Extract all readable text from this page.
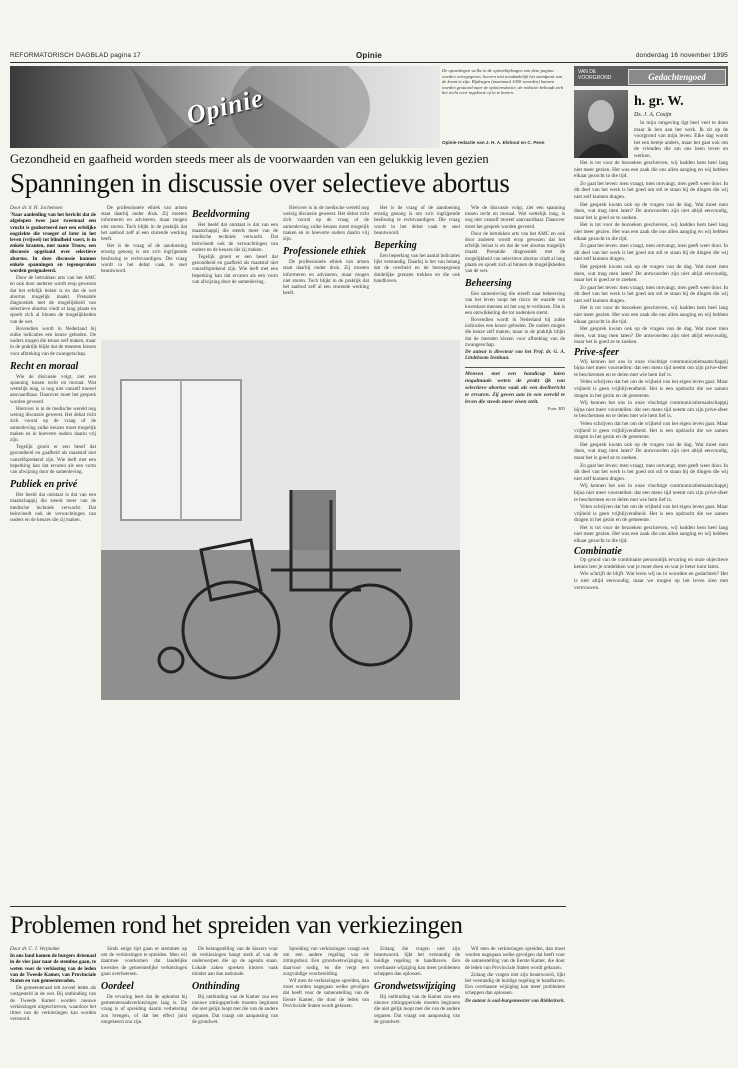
REFORMATORISCH DAGBLAD pagina 17	Opinie	donderdag 16 november 1995
Opinie
De opvattingen welke in de opiniebijdragen van deze pagina worden weergegeven, hoeven niet noodzakelijk het standpunt van de krant te zijn. Bijdragen (maximaal 1000 woorden) kunnen worden gestuurd naar de opinieredactie; de redactie behoudt zich het recht voor ingekorte of in te korten.
Opinie-redactie van J. H. A. Elshout en C. Peon
Gezondheid en gaafheid worden steeds meer als de voorwaarden van een gelukkig leven gezien
Spanningen in discussie over selectieve abortus

Door dr. ir. H. Jochemsen

'Naar aanleiding van het bericht dat de afgelopen twee jaar tweemaal een vrucht is geaborteerd met een erfelijke oogziekte die vroeger of later in het leven (vrijwel) tot blindheid voert, is in enkele kranten, met name Trouw, een discussie opgelaaid over selectieve abortus. In deze discussie kunnen enkele spanningen en tegenspraken worden gesignaleerd.

Door de betrokken arts van het AMC en ook door anderen wordt erop gewezen dat het erfelijk belast is en dat de wet abortus mogelijk maakt. Prenatale diagnostiek met de mogelijkheid van selectieve abortus vindt al lang plaats en spoelt zich al binnen de mogelijkheden van de wet.

Bovendien wordt in Nederland bij zulke indicaties een keuze geboden. De ouders mogen die keuze zelf maken, maar in de praktijk blijkt dat de meesten kiezen voor afbreking van de zwangerschap.

Recht en moraal

Wie de discussie volgt, ziet een spanning tussen recht en moraal. Wat wettelijk mag, is nog niet vanzelf moreel aanvaardbaar. Daarover moet het gesprek worden gevoerd.

Hierover is in de medische wereld nog weinig discussie geweest. Het debat richt zich vooral op de vraag of de samenleving zulke keuzes moet mogelijk maken en in hoeverre ouders daarin vrij zijn.

Tegelijk groeit er een besef dat gezondheid en gaafheid als maatstaf niet vanzelfsprekend zijn. Wie leeft met een beperking kan dat ervaren als een vorm van afwijzing door de samenleving.

Publiek en privé

Het beeld dat ontstaat is dat van een maatschappij die steeds meer van de medische techniek verwacht. Dat beïnvloedt ook de verwachtingen van ouders en de keuzes die zij maken.

De professionele ethiek van artsen staat daarbij onder druk. Zij moeten informeren en adviseren, maar mogen niet sturen. Toch blijkt in de praktijk dat het aanbod zelf al een sturende werking heeft.

Het is de vraag of de aandoening ernstig genoeg is om zo'n ingrijpende beslissing te rechtvaardigen. Die vraag wordt in het debat vaak te snel beantwoord.

Beeldvorming

Het beeld dat ontstaat is dat van een maatschappij die steeds meer van de medische techniek verwacht. Dat beïnvloedt ook de verwachtingen van ouders en de keuzes die zij maken.

Tegelijk groeit er een besef dat gezondheid en gaafheid als maatstaf niet vanzelfsprekend zijn. Wie leeft met een beperking kan dat ervaren als een vorm van afwijzing door de samenleving.

Hierover is in de medische wereld nog weinig discussie geweest. Het debat richt zich vooral op de vraag of de samenleving zulke keuzes moet mogelijk maken en in hoeverre ouders daarin vrij zijn.

Professionele ethiek

De professionele ethiek van artsen staat daarbij onder druk. Zij moeten informeren en adviseren, maar mogen niet sturen. Toch blijkt in de praktijk dat het aanbod zelf al een sturende werking heeft.

Het is de vraag of de aandoening ernstig genoeg is om zo'n ingrijpende beslissing te rechtvaardigen. Die vraag wordt in het debat vaak te snel beantwoord.

Beperking

Een beperking van het aantal indicaties lijkt verstandig. Daarbij is het van belang dat de overheid en de beroepsgroep duidelijke grenzen trekken en die ook handhaven.

Wie de discussie volgt, ziet een spanning tussen recht en moraal. Wat wettelijk mag, is nog niet vanzelf moreel aanvaardbaar. Daarover moet het gesprek worden gevoerd.

Door de betrokken arts van het AMC en ook door anderen wordt erop gewezen dat het erfelijk belast is en dat de wet abortus mogelijk maakt. Prenatale diagnostiek met de mogelijkheid van selectieve abortus vindt al lang plaats en spoelt zich al binnen de mogelijkheden van de wet.

Beheersing

Een samenleving die streeft naar beheersing van het leven loopt het risico de waarde van kwetsbare mensen uit het oog te verliezen. Dat is een ontwikkeling die tot nadenken stemt.

Bovendien wordt in Nederland bij zulke indicaties een keuze geboden. De ouders mogen die keuze zelf maken, maar in de praktijk blijkt dat de meesten kiezen voor afbreking van de zwangerschap.

De auteur is directeur van het Prof. dr. G. A. Lindeboom Instituut.

Mensen met een handicap laten nogalmaals weten de prakt ijk van selectieve abortus vaak als een deelbericht te ervaren. Zij geven aan in een wereld te leven die steeds meer eisen stelt.
Foto: RD
VAN DE
VOORGROND	Gedachtengoed
h. gr. W.
Ds. J. A. Cosijn

In mijn omgeving ligt heel veel te doen maar ik ben aan het werk. Ik zit op de voorgrond van mijn leven. Elke dag wordt het een beetje anders, maar het gaat ook om de vrienden die om ons heen leven en werken.

Het is tot voor de bezoeken geschreven, wij hadden hem heel lang niet meer gezien. Het was een zaak die ons allen aanging en wij hebben elkaar gezocht in die tijd.

Zo gaat het leven: men vraagt, men ontvangt, men geeft weer door. In dit deel van het werk is het goed om stil te staan bij de dingen die wij niet zelf kunnen dragen.

Het gesprek kwam ook op de vragen van de dag. Wat moet men doen, wat mag men laten? De antwoorden zijn niet altijd eenvoudig, maar het is goed ze te zoeken.

Het is tot voor de bezoeken geschreven, wij hadden hem heel lang niet meer gezien. Het was een zaak die ons allen aanging en wij hebben elkaar gezocht in die tijd.

Zo gaat het leven: men vraagt, men ontvangt, men geeft weer door. In dit deel van het werk is het goed om stil te staan bij de dingen die wij niet zelf kunnen dragen.

Het gesprek kwam ook op de vragen van de dag. Wat moet men doen, wat mag men laten? De antwoorden zijn niet altijd eenvoudig, maar het is goed ze te zoeken.

Zo gaat het leven: men vraagt, men ontvangt, men geeft weer door. In dit deel van het werk is het goed om stil te staan bij de dingen die wij niet zelf kunnen dragen.

Het is tot voor de bezoeken geschreven, wij hadden hem heel lang niet meer gezien. Het was een zaak die ons allen aanging en wij hebben elkaar gezocht in die tijd.

Het gesprek kwam ook op de vragen van de dag. Wat moet men doen, wat mag men laten? De antwoorden zijn niet altijd eenvoudig, maar het is goed ze te zoeken.

Prive-sfeer

Wij kennen het ons in onze vluchtige communicatiemaatschappij bijna niet meer voorstellen: dat een mens tijd neemt om zijn prive-sfeer te beschermen en te delen met wie hem lief is.

Velen schrijven dat het om de vrijheid van het eigen leven gaat. Maar vrijheid is geen vrijblijvendheid. Het is een opdracht die we samen dragen in het gezin en de gemeente.

Wij kennen het ons in onze vluchtige communicatiemaatschappij bijna niet meer voorstellen: dat een mens tijd neemt om zijn prive-sfeer te beschermen en te delen met wie hem lief is.

Velen schrijven dat het om de vrijheid van het eigen leven gaat. Maar vrijheid is geen vrijblijvendheid. Het is een opdracht die we samen dragen in het gezin en de gemeente.

Het gesprek kwam ook op de vragen van de dag. Wat moet men doen, wat mag men laten? De antwoorden zijn niet altijd eenvoudig, maar het is goed ze te zoeken.

Zo gaat het leven: men vraagt, men ontvangt, men geeft weer door. In dit deel van het werk is het goed om stil te staan bij de dingen die wij niet zelf kunnen dragen.

Wij kennen het ons in onze vluchtige communicatiemaatschappij bijna niet meer voorstellen: dat een mens tijd neemt om zijn prive-sfeer te beschermen en te delen met wie hem lief is.

Velen schrijven dat het om de vrijheid van het eigen leven gaat. Maar vrijheid is geen vrijblijvendheid. Het is een opdracht die we samen dragen in het gezin en de gemeente.

Het is tot voor de bezoeken geschreven, wij hadden hem heel lang niet meer gezien. Het was een zaak die ons allen aanging en wij hebben elkaar gezocht in die tijd.

Combinatie

Op grond van de combinatie persoonlijk ervaring en onze objectieve kennis leer je ontdekken wat je moet doen en wat je beter kunt laten.

Wie schrijft de blijft. Wat leren wij nu in woorden en gedachten? Het is niet altijd eenvoudig, maar we mogen op het leven zien met vertrouwen.

Problemen rond het spreiden van verkiezingen

Door dr. C. J. Verplanke

In ons land komen de burgers driemaal in de vier jaar naar de stembus gaan, te weten voor de verkiezing van de leden van de Tweede Kamer, van Provinciale Staten en van gemeenteraden.

De gemeenteraad telt zoveel leden als vastgesteld in de wet. Bij ontbinding van de Tweede Kamer worden nieuwe verkiezingen uitgeschreven, waardoor het ritme van de verkiezingen kan worden verstoord.

Sinds enige tijd gaan er stemmen op om de verkiezingen te spreiden. Men wil daarmee voorkomen dat landelijke kwesties de gemeentelijke verkiezingen gaan overheersen.

Oordeel

De ervaring leert dat de opkomst bij gemeenteraadsverkiezingen laag is. De vraag is of spreiding daarin verbetering zou brengen, of dat het effect juist omgekeerd zou zijn.

De belangstelling van de kiezers voor de verkiezingen hangt sterk af van de onderwerpen die op de agenda staan. Lokale zaken spreken kiezers vaak minder aan dan nationale.

Onthinding

Bij ontbinding van de Kamer zou een nieuwe zittingsperiode moeten beginnen die niet gelijk loopt met die van de andere organen. Dat vraagt om aanpassing van de grondwet.

Spreiding van verkiezingen vraagt ook om een andere regeling van de zittingsduur. Een grondwetswijziging is daarvoor nodig, en die vergt een zorgvuldige voorbereiding.

Wil men de verkiezingen spreiden, dan moet worden nagegaan welke gevolgen dat heeft voor de samenstelling van de Eerste Kamer, die door de leden van Provinciale Staten wordt gekozen.

Zolang die vragen niet zijn beantwoord, lijkt het verstandig de huidige regeling te handhaven. Een overhaaste wijziging kan meer problemen scheppen dan oplossen.

Grondwetswijziging

Bij ontbinding van de Kamer zou een nieuwe zittingsperiode moeten beginnen die niet gelijk loopt met die van de andere organen. Dat vraagt om aanpassing van de grondwet.

Wil men de verkiezingen spreiden, dan moet worden nagegaan welke gevolgen dat heeft voor de samenstelling van de Eerste Kamer, die door de leden van Provinciale Staten wordt gekozen.

Zolang die vragen niet zijn beantwoord, lijkt het verstandig de huidige regeling te handhaven. Een overhaaste wijziging kan meer problemen scheppen dan oplossen.

De auteur is oud-burgemeester van Ridderkerk.
